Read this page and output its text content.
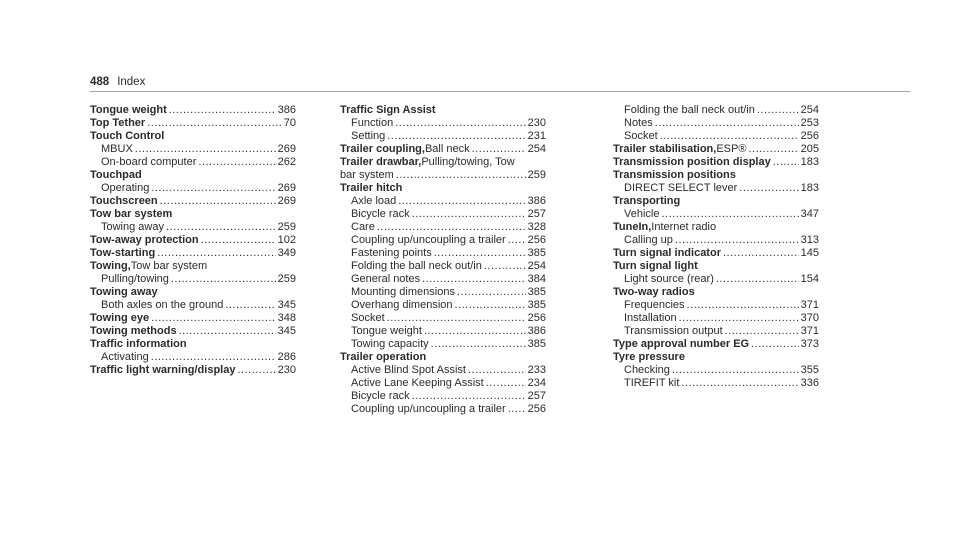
488 Index
Tongue weight .....	386
Top Tether .....	70
Touch Control
MBUX .....	269
On-board computer .....	262
Touchpad
Operating .....	269
Touchscreen .....	269
Tow bar system
Towing away .....	259
Tow-away protection .....	102
Tow-starting .....	349
Towing, Tow bar system
Pulling/towing .....	259
Towing away
Both axles on the ground .....	345
Towing eye .....	348
Towing methods .....	345
Traffic information
Activating .....	286
Traffic light warning/display .....	230
Traffic Sign Assist
Function .....	230
Setting .....	231
Trailer coupling, Ball neck .....	254
Trailer drawbar, Pulling/towing, Tow
bar system .....	259
Trailer hitch
Axle load .....	386
Bicycle rack .....	257
Care .....	328
Coupling up/uncoupling a trailer ..... 256
Fastening points .....	385
Folding the ball neck out/in .....	254
General notes .....	384
Mounting dimensions .....	385
Overhang dimension .....	385
Socket .....	256
Tongue weight .....	386
Towing capacity .....	385
Trailer operation
Active Blind Spot Assist .....	233
Active Lane Keeping Assist .....	234
Bicycle rack .....	257
Coupling up/uncoupling a trailer ..... 256
Folding the ball neck out/in .....	254
Notes .....	253
Socket .....	256
Trailer stabilisation, ESP® .....	205
Transmission position display .....	183
Transmission positions
DIRECT SELECT lever .....	183
Transporting
Vehicle .....	347
TuneIn, Internet radio
Calling up .....	313
Turn signal indicator .....	145
Turn signal light
Light source (rear) .....	154
Two-way radios
Frequencies .....	371
Installation .....	370
Transmission output .....	371
Type approval number EG .....	373
Tyre pressure
Checking .....	355
TIREFIT kit .....	336
